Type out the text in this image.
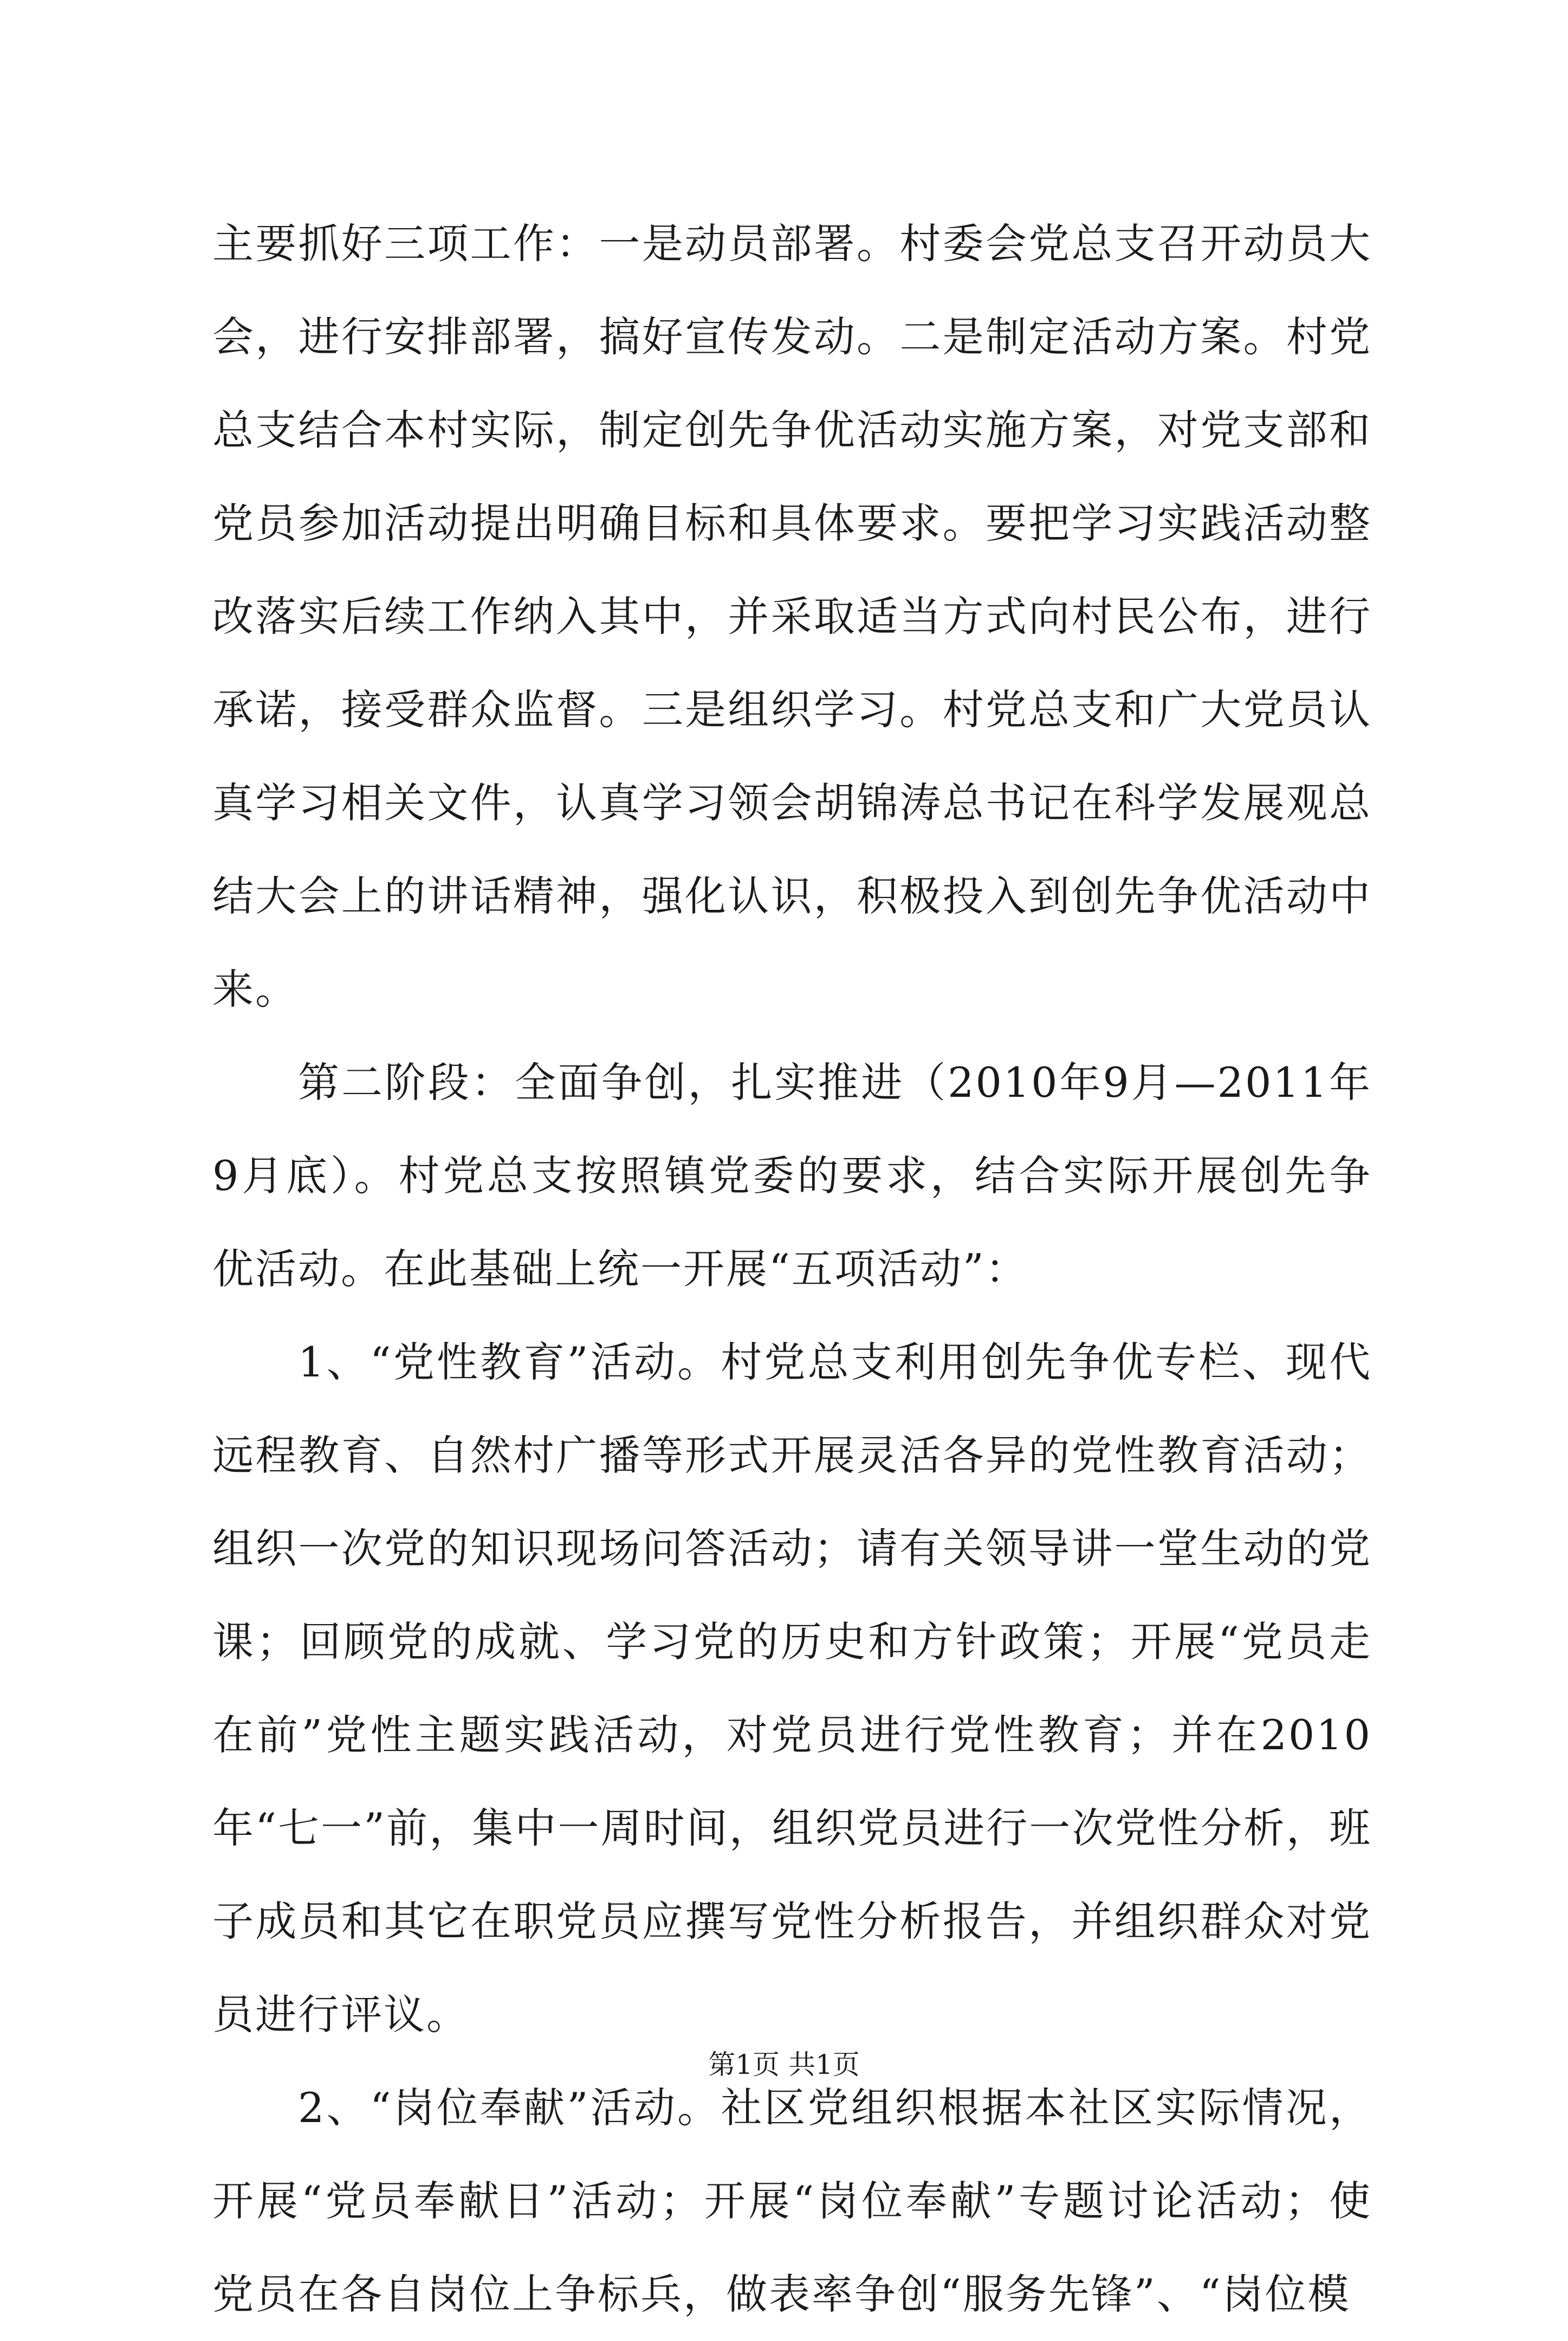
主要抓好三项工作：一是动员部署。村委会党总支召开动员大会，进行安排部署，搞好宣传发动。二是制定活动方案。村党总支结合本村实际，制定创先争优活动实施方案，对党支部和党员参加活动提出明确目标和具体要求。要把学习实践活动整改落实后续工作纳入其中，并采取适当方式向村民公布，进行承诺，接受群众监督。三是组织学习。村党总支和广大党员认真学习相关文件，认真学习领会胡锦涛总书记在科学发展观总结大会上的讲话精神，强化认识，积极投入到创先争优活动中来。

第二阶段：全面争创，扎实推进（2010年9月—2011年9月底）。村党总支按照镇党委的要求，结合实际开展创先争优活动。在此基础上统一开展“五项活动”：

1、“党性教育”活动。村党总支利用创先争优专栏、现代远程教育、自然村广播等形式开展灵活各异的党性教育活动；组织一次党的知识现场问答活动；请有关领导讲一堂生动的党课；回顾党的成就、学习党的历史和方针政策；开展“党员走在前”党性主题实践活动，对党员进行党性教育；并在2010年“七一”前，集中一周时间，组织党员进行一次党性分析，班子成员和其它在职党员应撰写党性分析报告，并组织群众对党员进行评议。

2、“岗位奉献”活动。社区党组织根据本社区实际情况，开展“党员奉献日”活动；开展“岗位奉献”专题讨论活动；使党员在各自岗位上争标兵，做表率争创“服务先锋”、“岗位模

第1页 共1页
